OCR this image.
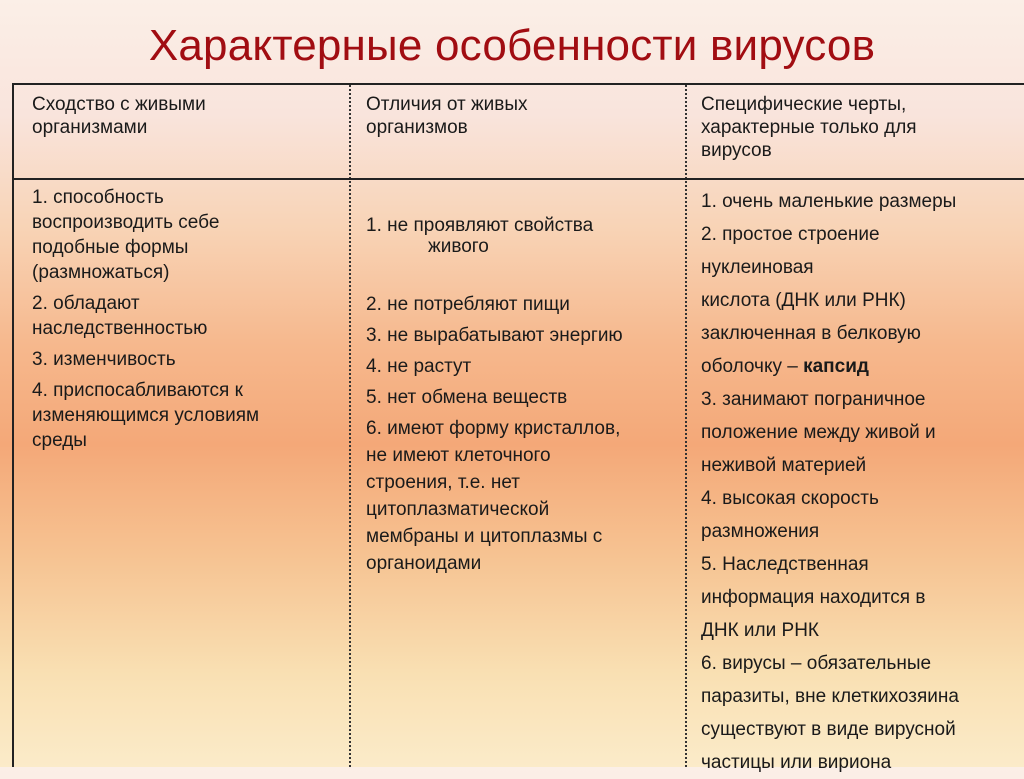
Характерные особенности вирусов
Сходство с живыми
организмами
Отличия от живых
организмов
Специфические черты,
характерные только для
вирусов
1. способность
воспроизводить себе
подобные формы
(размножаться)
2. обладают
наследственностью
3. изменчивость
4. приспосабливаются к
изменяющимся условиям
среды

1. не проявляют свойства

живого

2. не потребляют пищи
3. не вырабатывают энергию
4. не растут
5. нет обмена веществ
6. имеют форму кристаллов,
не имеют клеточного
строения, т.е. нет
цитоплазматической
мембраны и цитоплазмы с
органоидами
1. очень маленькие размеры
2. простое строение
нуклеиновая
кислота (ДНК или РНК)
заключенная в белковую
оболочку – капсид
3. занимают пограничное
положение между живой и
неживой материей
4. высокая скорость
размножения
5. Наследственная
информация находится в
ДНК или РНК
6. вирусы – обязательные
паразиты, вне клеткихозяина
существуют в виде вирусной
частицы или вириона
